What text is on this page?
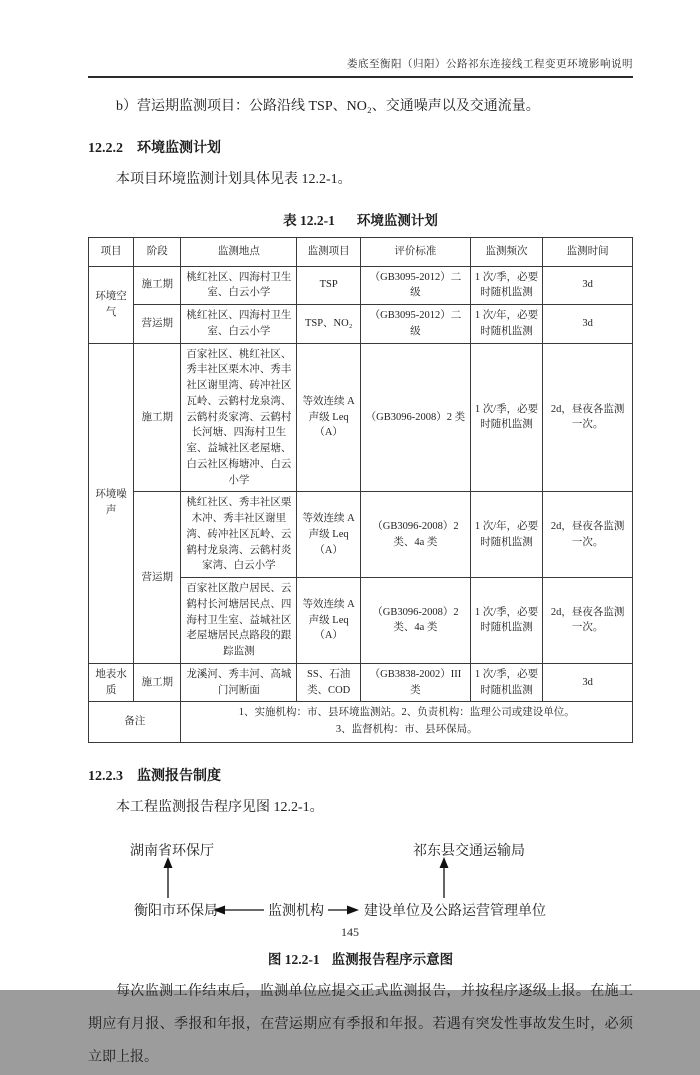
娄底至衡阳（归阳）公路祁东连接线工程变更环境影响说明

b）营运期监测项目：公路沿线 TSP、NO₂、交通噪声以及交通流量。

12.2.2 环境监测计划

本项目环境监测计划具体见表 12.2-1。

表 12.2-1 环境监测计划
项目	阶段	监测地点	监测项目	评价标准	监测频次	监测时间
环境空气	施工期	桃红社区、四海村卫生室、白云小学	TSP	（GB3095-2012）二级	1 次/季，必要时随机监测	3d
	营运期	桃红社区、四海村卫生室、白云小学	TSP、NO₂	（GB3095-2012）二级	1 次/年，必要时随机监测	3d
环境噪声	施工期	百家社区、桃红社区、秀丰社区栗木冲、秀丰社区谢里湾、砖冲社区瓦岭、云鹤村龙泉湾、云鹤村炎家湾、云鹤村长河塘、四海村卫生室、益城社区老屋塘、白云社区梅塘冲、白云小学	等效连续 A 声级 Leq（A）	（GB3096-2008）2 类	1 次/季，必要时随机监测	2d，昼夜各监测一次。
	营运期	桃红社区、秀丰社区栗木冲、秀丰社区谢里湾、砖冲社区瓦岭、云鹤村龙泉湾、云鹤村炎家湾、白云小学	等效连续 A 声级 Leq（A）	（GB3096-2008）2 类、4a 类	1 次/年，必要时随机监测	2d，昼夜各监测一次。
		百家社区散户居民、云鹤村长河塘居民点、四海村卫生室、益城社区老屋塘居民点路段的跟踪监测	等效连续 A 声级 Leq（A）	（GB3096-2008）2 类、4a 类	1 次/季，必要时随机监测	2d，昼夜各监测一次。
地表水质	施工期	龙溪河、秀丰河、高城门河断面	SS、石油类、COD	（GB3838-2002）III 类	1 次/季，必要时随机监测	3d
备注		1、实施机构：市、县环境监测站。2、负责机构：监理公司或建设单位。
3、监督机构：市、县环保局。				
12.2.3 监测报告制度

本工程监测报告程序见图 12.2-1。

湖南省环保厅	祁东县交通运输局
衡阳市环保局	监测机构	建设单位及公路运营管理单位
图 12.2-1 监测报告程序示意图

每次监测工作结束后，监测单位应提交正式监测报告，并按程序逐级上报。在施工期应有月报、季报和年报，在营运期应有季报和年报。若遇有突发性事故发生时，必须立即上报。

145
